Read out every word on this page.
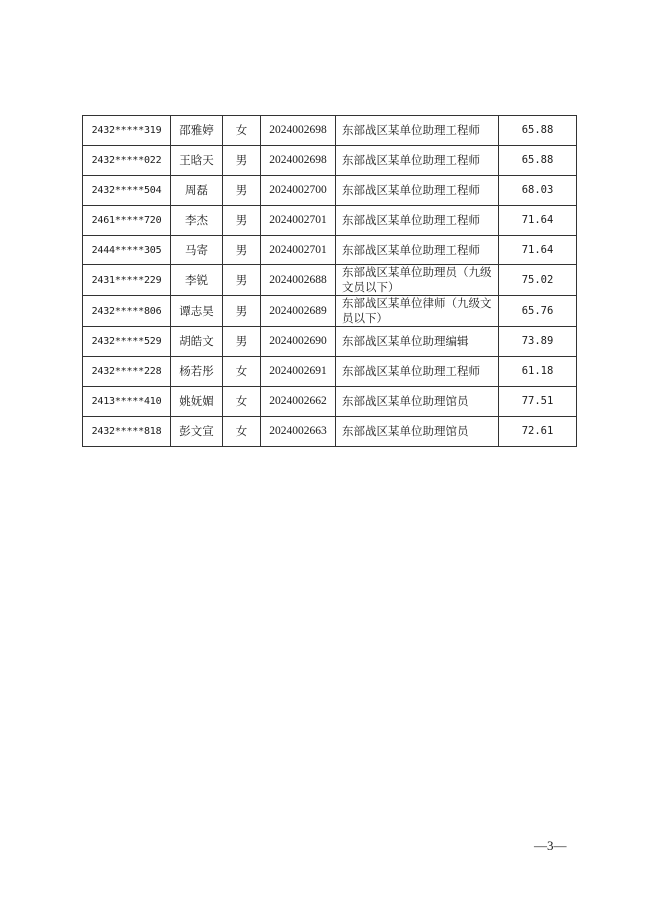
2432*****319	邵雅婷	女	2024002698	东部战区某单位助理工程师	65.88
2432*****022	王晗天	男	2024002698	东部战区某单位助理工程师	65.88
2432*****504	周磊	男	2024002700	东部战区某单位助理工程师	68.03
2461*****720	李杰	男	2024002701	东部战区某单位助理工程师	71.64
2444*****305	马寄	男	2024002701	东部战区某单位助理工程师	71.64
2431*****229	李锐	男	2024002688	东部战区某单位助理员（九级文员以下）	75.02
2432*****806	谭志昊	男	2024002689	东部战区某单位律师（九级文员以下）	65.76
2432*****529	胡皓文	男	2024002690	东部战区某单位助理编辑	73.89
2432*****228	杨若彤	女	2024002691	东部战区某单位助理工程师	61.18
2413*****410	姚妩媚	女	2024002662	东部战区某单位助理馆员	77.51
2432*****818	彭文宣	女	2024002663	东部战区某单位助理馆员	72.61
—3—
